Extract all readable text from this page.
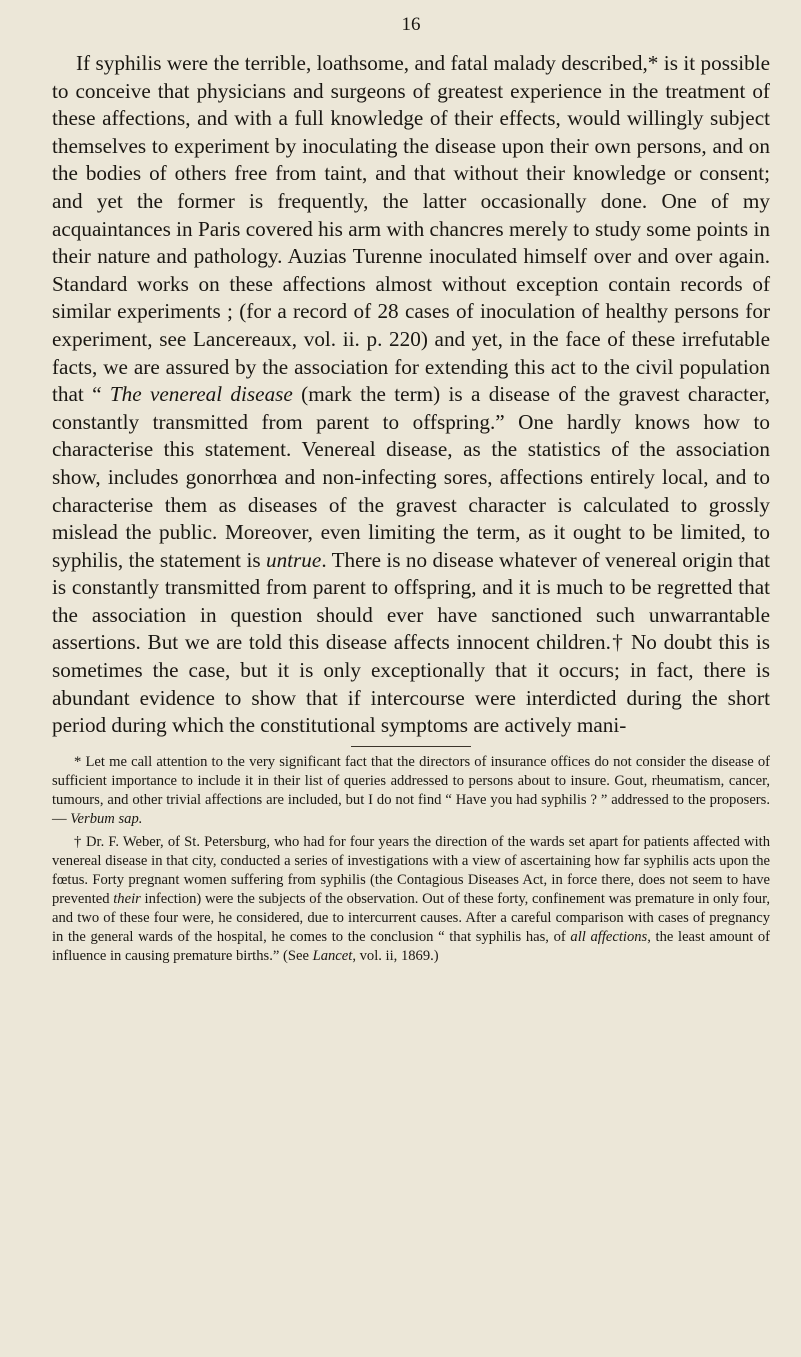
16

If syphilis were the terrible, loathsome, and fatal malady described,* is it possible to conceive that physicians and surgeons of greatest experience in the treatment of these affections, and with a full knowledge of their effects, would willingly subject themselves to experiment by inoculating the disease upon their own persons, and on the bodies of others free from taint, and that without their knowledge or consent; and yet the former is frequently, the latter occasionally done. One of my acquaintances in Paris covered his arm with chancres merely to study some points in their nature and pathology. Auzias Turenne inoculated himself over and over again. Standard works on these affections almost without exception contain records of similar experiments ; (for a record of 28 cases of inoculation of healthy persons for experiment, see Lancereaux, vol. ii. p. 220) and yet, in the face of these irrefutable facts, we are assured by the association for extending this act to the civil population that “ The venereal disease (mark the term) is a disease of the gravest character, constantly transmitted from parent to offspring.” One hardly knows how to characterise this statement. Venereal disease, as the statistics of the association show, includes gonorrhœa and non-infecting sores, affections entirely local, and to characterise them as diseases of the gravest character is calculated to grossly mislead the public. Moreover, even limiting the term, as it ought to be limited, to syphilis, the statement is untrue. There is no disease whatever of venereal origin that is constantly transmitted from parent to offspring, and it is much to be regretted that the association in question should ever have sanctioned such unwarrantable assertions. But we are told this disease affects innocent children.† No doubt this is sometimes the case, but it is only exceptionally that it occurs; in fact, there is abundant evidence to show that if intercourse were interdicted during the short period during which the constitutional symptoms are actively mani-

* Let me call attention to the very significant fact that the directors of insurance offices do not consider the disease of sufficient importance to include it in their list of queries addressed to persons about to insure. Gout, rheumatism, cancer, tumours, and other trivial affections are included, but I do not find “ Have you had syphilis ? ” addressed to the proposers.— Verbum sap.

† Dr. F. Weber, of St. Petersburg, who had for four years the direction of the wards set apart for patients affected with venereal disease in that city, conducted a series of investigations with a view of ascertaining how far syphilis acts upon the fœtus. Forty pregnant women suffering from syphilis (the Contagious Diseases Act, in force there, does not seem to have prevented their infection) were the subjects of the observation. Out of these forty, confinement was premature in only four, and two of these four were, he considered, due to intercurrent causes. After a careful comparison with cases of pregnancy in the general wards of the hospital, he comes to the conclusion “ that syphilis has, of all affections, the least amount of influence in causing premature births.” (See Lancet, vol. ii, 1869.)
